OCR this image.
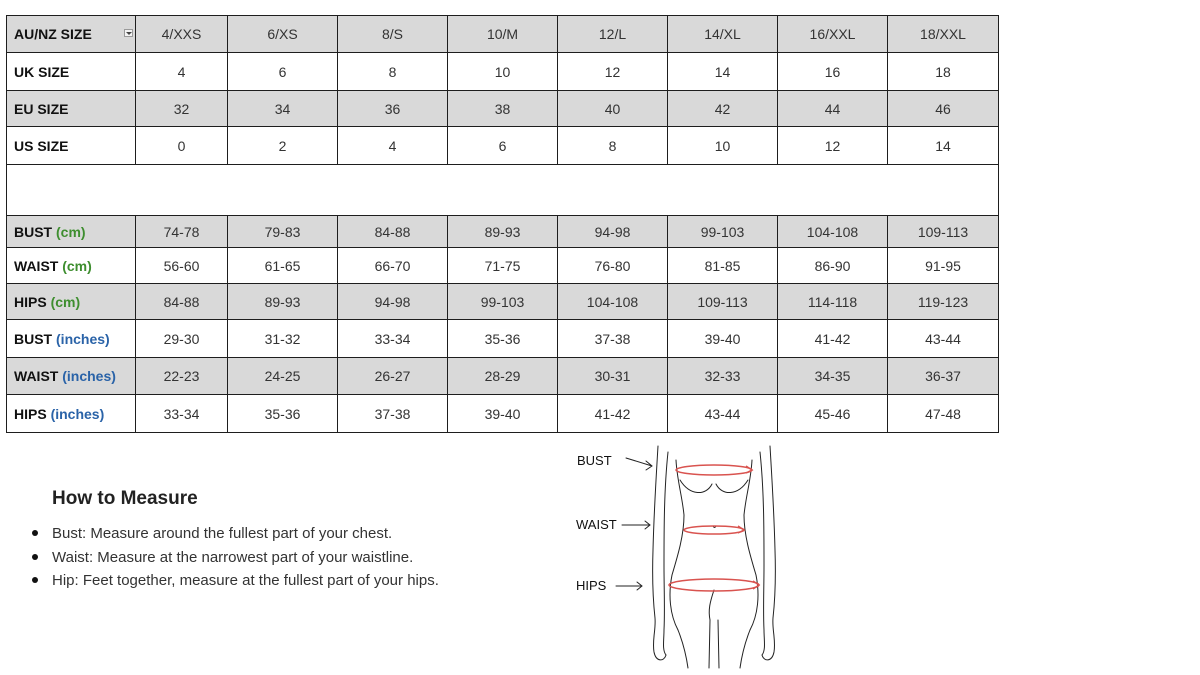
AU/NZ SIZE	4/XXS	6/XS	8/S	10/M	12/L	14/XL	16/XXL	18/XXL
UK SIZE	4	6	8	10	12	14	16	18
EU SIZE	32	34	36	38	40	42	44	46
US SIZE	0	2	4	6	8	10	12	14

BUST (cm)	74-78	79-83	84-88	89-93	94-98	99-103	104-108	109-113
WAIST (cm)	56-60	61-65	66-70	71-75	76-80	81-85	86-90	91-95
HIPS (cm)	84-88	89-93	94-98	99-103	104-108	109-113	114-118	119-123
BUST (inches)	29-30	31-32	33-34	35-36	37-38	39-40	41-42	43-44
WAIST (inches)	22-23	24-25	26-27	28-29	30-31	32-33	34-35	36-37
HIPS (inches)	33-34	35-36	37-38	39-40	41-42	43-44	45-46	47-48
How to Measure
Bust: Measure around the fullest part of your chest.
Waist: Measure at the narrowest part of your waistline.
Hip: Feet together, measure at the fullest part of your hips.
BUST
WAIST
HIPS
